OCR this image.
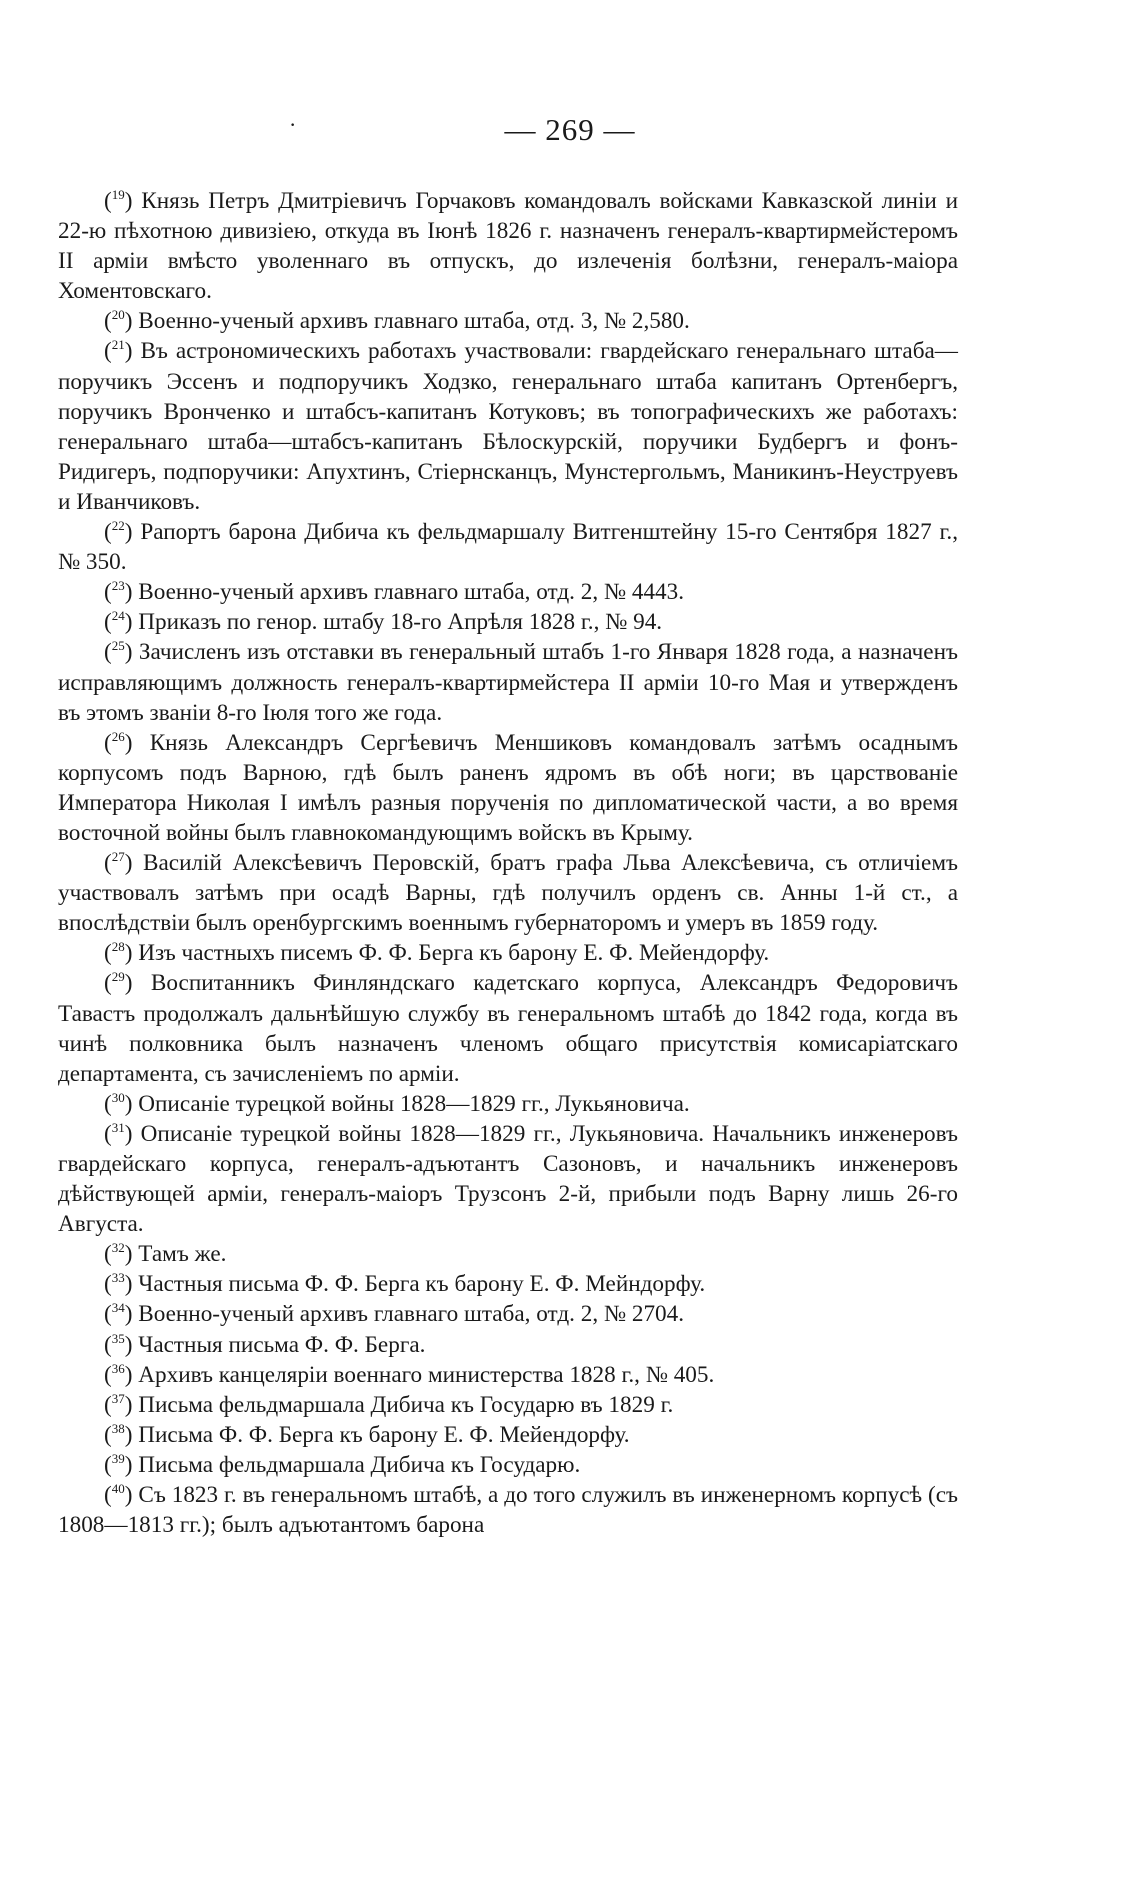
·	— 269 —

($^{19}$) Князь Петръ Дмитріевичъ Горчаковъ командовалъ войсками Кавказской линіи и 22-ю пѣхотною дивизіею, откуда въ Іюнѣ 1826 г. назначенъ генералъ-квартирмейстеромъ II арміи вмѣсто уволеннаго въ отпускъ, до излеченія болѣзни, генералъ-маіора Хоментовскаго.

($^{20}$) Военно-ученый архивъ главнаго штаба, отд. 3, № 2,580.

($^{21}$) Въ астрономическихъ работахъ участвовали: гвардейскаго генеральнаго штаба—поручикъ Эссенъ и подпоручикъ Ходзко, генеральнаго штаба капитанъ Ортенбергъ, поручикъ Вронченко и штабсъ-капитанъ Котуковъ; въ топографическихъ же работахъ: генеральнаго штаба—штабсъ-капитанъ Бѣлоскурскій, поручики Будбергъ и фонъ-Ридигеръ, подпоручики: Апухтинъ, Стіернсканцъ, Мунстергольмъ, Маникинъ-Неуструевъ и Иванчиковъ.

($^{22}$) Рапортъ барона Дибича къ фельдмаршалу Витгенштейну 15-го Сентября 1827 г., № 350.

($^{23}$) Военно-ученый архивъ главнаго штаба, отд. 2, № 4443.

($^{24}$) Приказъ по генор. штабу 18-го Апрѣля 1828 г., № 94.

($^{25}$) Зачисленъ изъ отставки въ генеральный штабъ 1-го Января 1828 года, а назначенъ исправляющимъ должность генералъ-квартирмейстера II арміи 10-го Мая и утвержденъ въ этомъ званіи 8-го Іюля того же года.

($^{26}$) Князь Александръ Сергѣевичъ Меншиковъ командовалъ затѣмъ осаднымъ корпусомъ подъ Варною, гдѣ былъ раненъ ядромъ въ обѣ ноги; въ царствованіе Императора Николая I имѣлъ разныя порученія по дипломатической части, а во время восточной войны былъ главнокомандующимъ войскъ въ Крыму.

($^{27}$) Василій Алексѣевичъ Перовскій, братъ графа Льва Алексѣевича, съ отличіемъ участвовалъ затѣмъ при осадѣ Варны, гдѣ получилъ орденъ св. Анны 1-й ст., а впослѣдствіи былъ оренбургскимъ военнымъ губернаторомъ и умеръ въ 1859 году.

($^{28}$) Изъ частныхъ писемъ Ф. Ф. Берга къ барону Е. Ф. Мейендорфу.

($^{29}$) Воспитанникъ Финляндскаго кадетскаго корпуса, Александръ Федоровичъ Тавастъ продолжалъ дальнѣйшую службу въ генеральномъ штабѣ до 1842 года, когда въ чинѣ полковника былъ назначенъ членомъ общаго присутствія комисаріатскаго департамента, съ зачисленіемъ по арміи.

($^{30}$) Описаніе турецкой войны 1828—1829 гг., Лукьяновича.

($^{31}$) Описаніе турецкой войны 1828—1829 гг., Лукьяновича. Начальникъ инженеровъ гвардейскаго корпуса, генералъ-адъютантъ Сазоновъ, и начальникъ инженеровъ дѣйствующей арміи, генералъ-маіоръ Трузсонъ 2-й, прибыли подъ Варну лишь 26-го Августа.

($^{32}$) Тамъ же.

($^{33}$) Частныя письма Ф. Ф. Берга къ барону Е. Ф. Мейндорфу.

($^{34}$) Военно-ученый архивъ главнаго штаба, отд. 2, № 2704.

($^{35}$) Частныя письма Ф. Ф. Берга.

($^{36}$) Архивъ канцеляріи военнаго министерства 1828 г., № 405.

($^{37}$) Письма фельдмаршала Дибича къ Государю въ 1829 г.

($^{38}$) Письма Ф. Ф. Берга къ барону Е. Ф. Мейендорфу.

($^{39}$) Письма фельдмаршала Дибича къ Государю.

($^{40}$) Съ 1823 г. въ генеральномъ штабѣ, а до того служилъ въ инженерномъ корпусѣ (съ 1808—1813 гг.); былъ адъютантомъ барона
